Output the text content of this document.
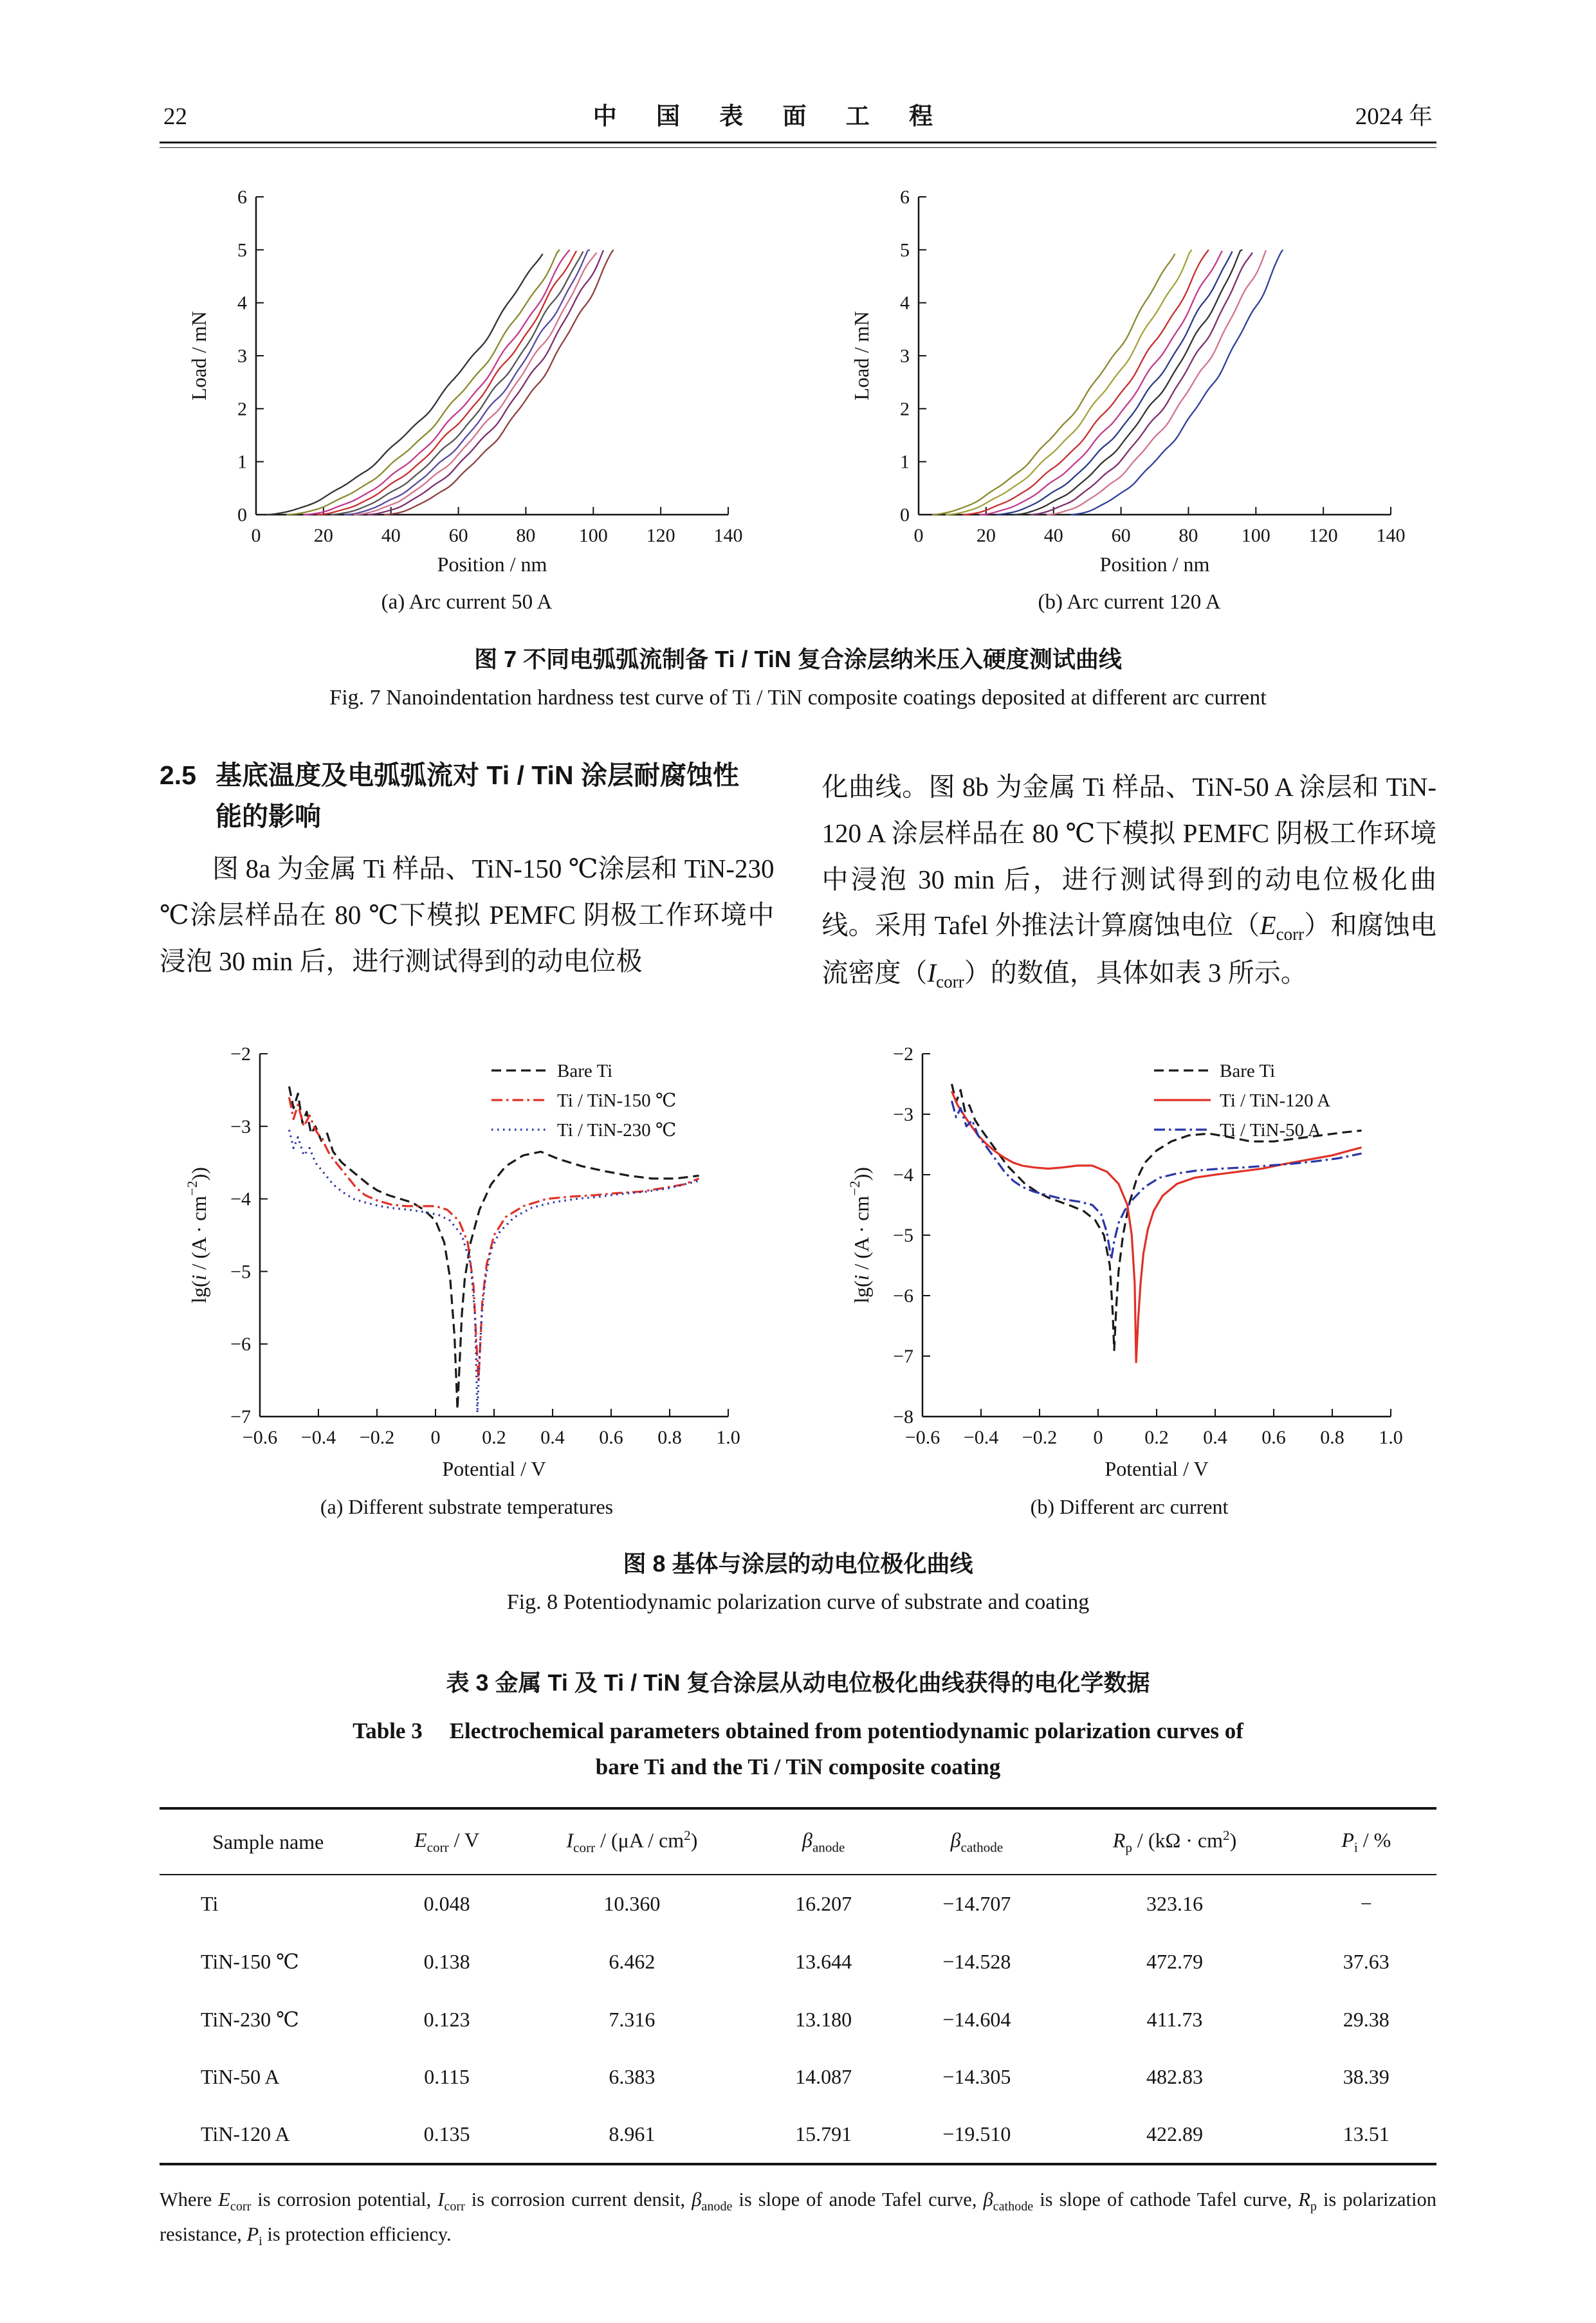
22	中 国 表 面 工 程	2024 年
0	20 40 60 80 100 120 140
0
1
2
3
4
5
6
Position / nm
Load / mN
(a) Arc current 50 A
0	20 40 60 80 100 120 140
0
1
2
3
4
5
6
Position / nm
Load / mN
(b) Arc current 120 A
图 7 不同电弧弧流制备 Ti / TiN 复合涂层纳米压入硬度测试曲线
Fig. 7 Nanoindentation hardness test curve of Ti / TiN composite coatings deposited at different arc current
2.5 基底温度及电弧弧流对 Ti / TiN 涂层耐腐蚀性
能的影响

图 8a 为金属 Ti 样品、TiN-150 ℃涂层和 TiN-230 ℃涂层样品在 80 ℃下模拟 PEMFC 阴极工作环境中浸泡 30 min 后，进行测试得到的动电位极

化曲线。图 8b 为金属 Ti 样品、TiN-50 A 涂层和 TiN-120 A 涂层样品在 80 ℃下模拟 PEMFC 阴极工作环境中浸泡 30 min 后，进行测试得到的动电位极化曲线。采用 Tafel 外推法计算腐蚀电位$(E_{corr})$和腐蚀电流密度$(I_{corr})$的数值，具体如表 3 所示。

−0.6 −0.4 −0.2 0 0.2 0.4 0.6 0.8 1.0
−7
−6
−5
−4
−3
−2
Potential / V
$\lg(i / (A \cdot cm^{-2}))$
Bare Ti
Ti / TiN-150 ℃
Ti / TiN-230 ℃
(a) Different substrate temperatures
−0.6 −0.4 −0.2 0 0.2 0.4 0.6 0.8 1.0
−8
−7
−6
−5
−4
−3
−2
Potential / V
$\lg(i / (A \cdot cm^{-2}))$
Bare Ti
Ti / TiN-120 A
Ti / TiN-50 A
(b) Different arc current
图 8 基体与涂层的动电位极化曲线
Fig. 8 Potentiodynamic polarization curve of substrate and coating
表 3 金属 Ti 及 Ti / TiN 复合涂层从动电位极化曲线获得的电化学数据
Table 3 Electrochemical parameters obtained from potentiodynamic polarization curves of
bare Ti and the Ti / TiN composite coating
Sample name	$E_{corr}$ / V	$I_{corr} / (\mu A / cm^2)$	$\beta_{anode}$	$\beta_{cathode}$	$R_p / (k\Omega \cdot cm^2)$	$P_i$ / %
Ti	0.048	10.360	16.207	−14.707	323.16	−
TiN-150 ℃	0.138	6.462	13.644	−14.528	472.79	37.63
TiN-230 ℃	0.123	7.316	13.180	−14.604	411.73	29.38
TiN-50 A	0.115	6.383	14.087	−14.305	482.83	38.39
TiN-120 A	0.135	8.961	15.791	−19.510	422.89	13.51

Where $E_{corr}$ is corrosion potential, $I_{corr}$ is corrosion current densit, $\beta_{anode}$ is slope of anode Tafel curve, $\beta_{cathode}$ is slope of cathode Tafel curve, $R_p$ is polarization resistance, $P_i$ is protection efficiency.
